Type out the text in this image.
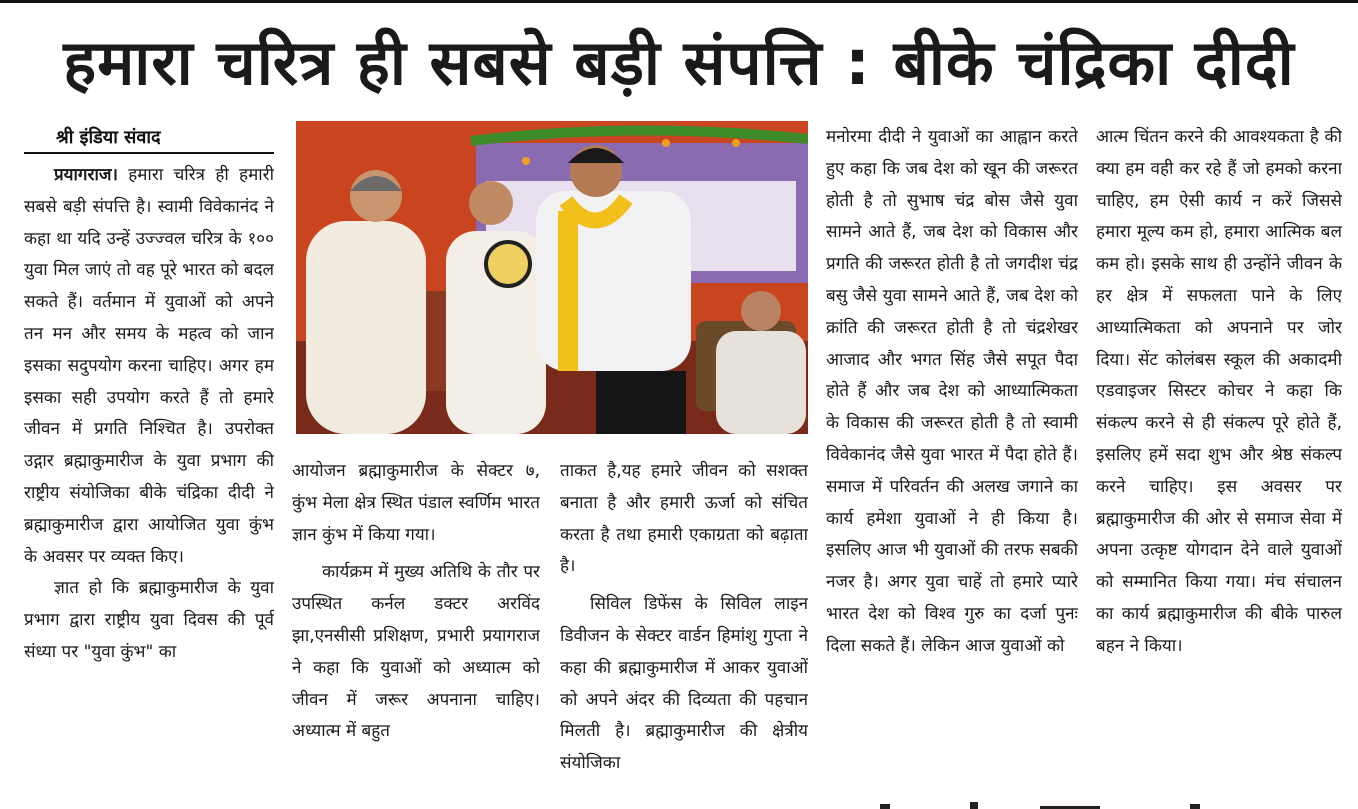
हमारा चरित्र ही सबसे बड़ी संपत्ति : बीके चंद्रिका दीदी
श्री इंडिया संवाद

प्रयागराज। हमारा चरित्र ही हमारी सबसे बड़ी संपत्ति है। स्वामी विवेकानंद ने कहा था यदि उन्हें उज्ज्वल चरित्र के १०० युवा मिल जाएं तो वह पूरे भारत को बदल सकते हैं। वर्तमान में युवाओं को अपने तन मन और समय के महत्व को जान इसका सदुपयोग करना चाहिए। अगर हम इसका सही उपयोग करते हैं तो हमारे जीवन में प्रगति निश्चित है। उपरोक्त उद्गार ब्रह्माकुमारीज के युवा प्रभाग की राष्ट्रीय संयोजिका बीके चंद्रिका दीदी ने ब्रह्माकुमारीज द्वारा आयोजित युवा कुंभ के अवसर पर व्यक्त किए।

ज्ञात हो कि ब्रह्माकुमारीज के युवा प्रभाग द्वारा राष्ट्रीय युवा दिवस की पूर्व संध्या पर "युवा कुंभ" का

आयोजन ब्रह्माकुमारीज के सेक्टर ७, कुंभ मेला क्षेत्र स्थित पंडाल स्वर्णिम भारत ज्ञान कुंभ में किया गया।

कार्यक्रम में मुख्य अतिथि के तौर पर उपस्थित कर्नल डक्टर अरविंद झा,एनसीसी प्रशिक्षण, प्रभारी प्रयागराज ने कहा कि युवाओं को अध्यात्म को जीवन में जरूर अपनाना चाहिए। अध्यात्म में बहुत

ताकत है,यह हमारे जीवन को सशक्त बनाता है और हमारी ऊर्जा को संचित करता है तथा हमारी एकाग्रता को बढ़ाता है।

सिविल डिफेंस के सिविल लाइन डिवीजन के सेक्टर वार्डन हिमांशु गुप्ता ने कहा की ब्रह्माकुमारीज में आकर युवाओं को अपने अंदर की दिव्यता की पहचान मिलती है। ब्रह्माकुमारीज की क्षेत्रीय संयोजिका

मनोरमा दीदी ने युवाओं का आह्वान करते हुए कहा कि जब देश को खून की जरूरत होती है तो सुभाष चंद्र बोस जैसे युवा सामने आते हैं, जब देश को विकास और प्रगति की जरूरत होती है तो जगदीश चंद्र बसु जैसे युवा सामने आते हैं, जब देश को क्रांति की जरूरत होती है तो चंद्रशेखर आजाद और भगत सिंह जैसे सपूत पैदा होते हैं और जब देश को आध्यात्मिकता के विकास की जरूरत होती है तो स्वामी विवेकानंद जैसे युवा भारत में पैदा होते हैं। समाज में परिवर्तन की अलख जगाने का कार्य हमेशा युवाओं ने ही किया है। इसलिए आज भी युवाओं की तरफ सबकी नजर है। अगर युवा चाहें तो हमारे प्यारे भारत देश को विश्व गुरु का दर्जा पुनः दिला सकते हैं। लेकिन आज युवाओं को

आत्म चिंतन करने की आवश्यकता है की क्या हम वही कर रहे हैं जो हमको करना चाहिए, हम ऐसी कार्य न करें जिससे हमारा मूल्य कम हो, हमारा आत्मिक बल कम हो। इसके साथ ही उन्होंने जीवन के हर क्षेत्र में सफलता पाने के लिए आध्यात्मिकता को अपनाने पर जोर दिया। सेंट कोलंबस स्कूल की अकादमी एडवाइजर सिस्टर कोचर ने कहा कि संकल्प करने से ही संकल्प पूरे होते हैं, इसलिए हमें सदा शुभ और श्रेष्ठ संकल्प करने चाहिए। इस अवसर पर ब्रह्माकुमारीज की ओर से समाज सेवा में अपना उत्कृष्ट योगदान देने वाले युवाओं को सम्मानित किया गया। मंच संचालन का कार्य ब्रह्माकुमारीज की बीके पारुल बहन ने किया।
